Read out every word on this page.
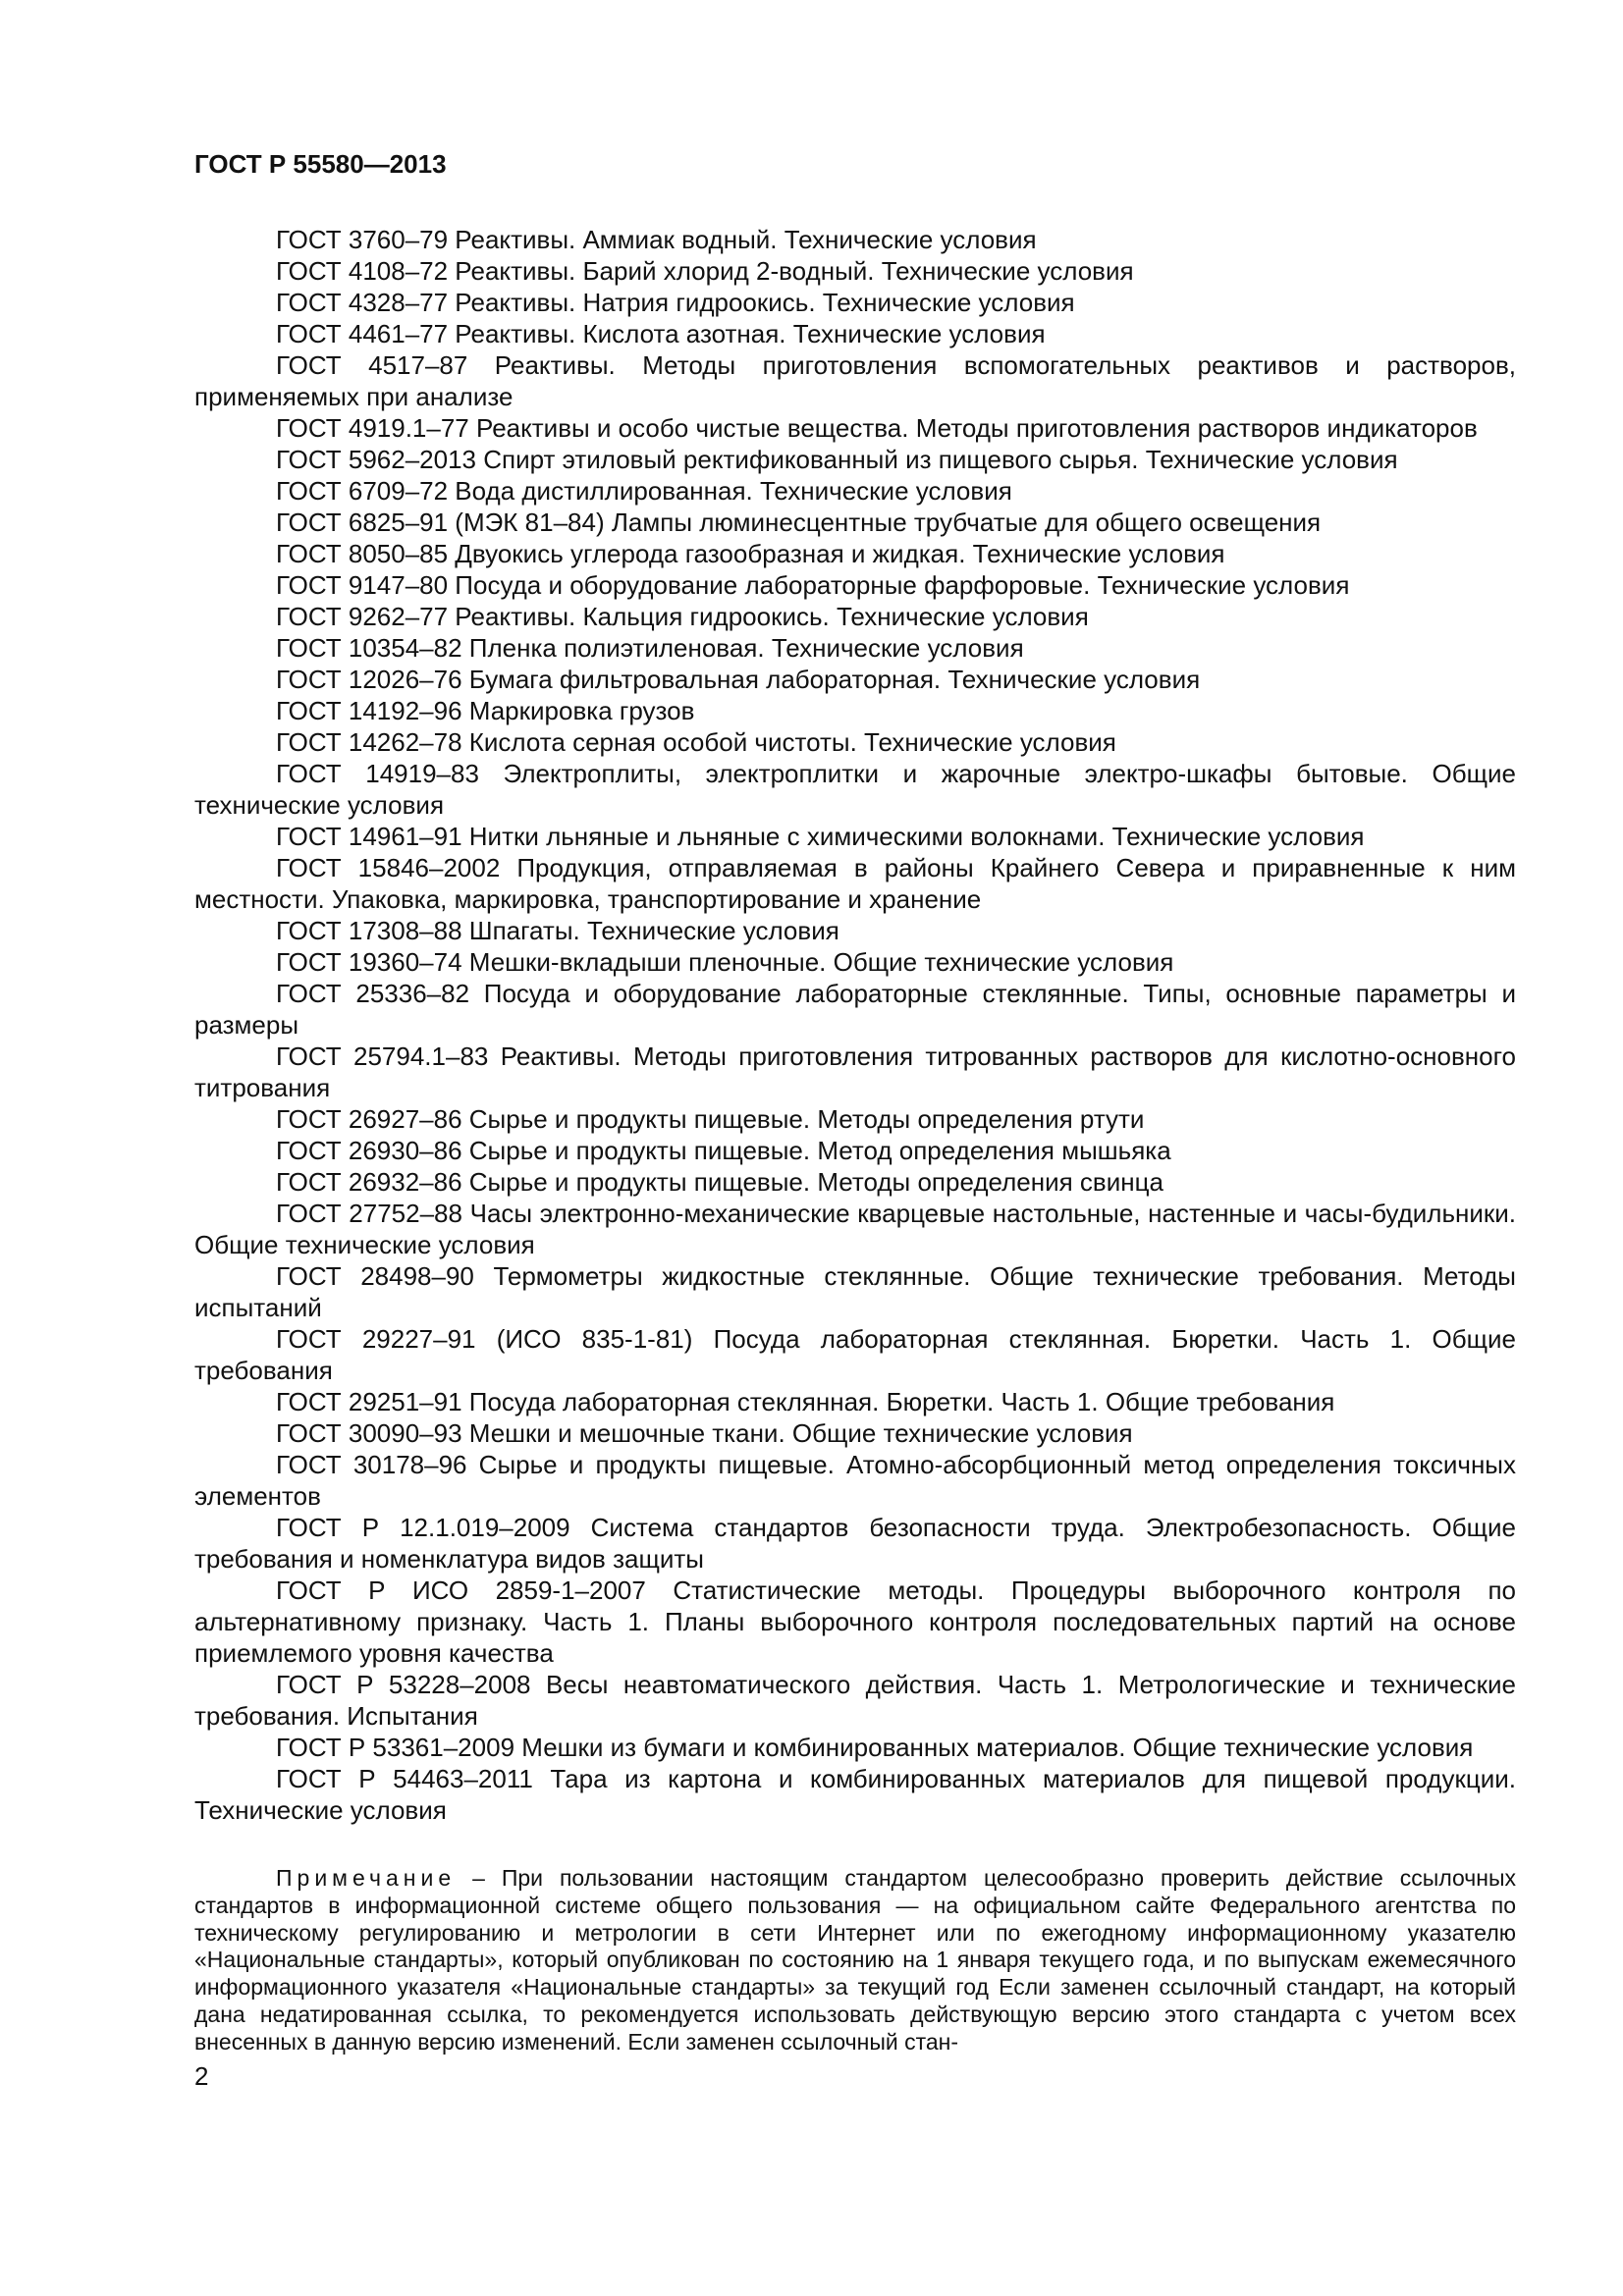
ГОСТ Р 55580—2013
ГОСТ 3760–79 Реактивы. Аммиак водный. Технические условия
ГОСТ 4108–72 Реактивы. Барий хлорид 2-водный. Технические условия
ГОСТ 4328–77 Реактивы. Натрия гидроокись. Технические условия
ГОСТ 4461–77 Реактивы. Кислота азотная. Технические условия
ГОСТ 4517–87 Реактивы. Методы приготовления вспомогательных реактивов и растворов, применяемых при анализе
ГОСТ 4919.1–77 Реактивы и особо чистые вещества. Методы приготовления растворов индикаторов
ГОСТ 5962–2013 Спирт этиловый ректификованный из пищевого сырья. Технические условия
ГОСТ 6709–72 Вода дистиллированная. Технические условия
ГОСТ 6825–91 (МЭК 81–84) Лампы люминесцентные трубчатые для общего освещения
ГОСТ 8050–85 Двуокись углерода газообразная и жидкая. Технические условия
ГОСТ 9147–80 Посуда и оборудование лабораторные фарфоровые. Технические условия
ГОСТ 9262–77 Реактивы. Кальция гидроокись. Технические условия
ГОСТ 10354–82 Пленка полиэтиленовая. Технические условия
ГОСТ 12026–76 Бумага фильтровальная лабораторная. Технические условия
ГОСТ 14192–96 Маркировка грузов
ГОСТ 14262–78 Кислота серная особой чистоты. Технические условия
ГОСТ 14919–83 Электроплиты, электроплитки и жарочные электро-шкафы бытовые. Общие технические условия
ГОСТ 14961–91 Нитки льняные и льняные с химическими волокнами. Технические условия
ГОСТ 15846–2002 Продукция, отправляемая в районы Крайнего Севера и приравненные к ним местности. Упаковка, маркировка, транспортирование и хранение
ГОСТ 17308–88 Шпагаты. Технические условия
ГОСТ 19360–74 Мешки-вкладыши пленочные. Общие технические условия
ГОСТ 25336–82 Посуда и оборудование лабораторные стеклянные. Типы, основные параметры и размеры
ГОСТ 25794.1–83 Реактивы. Методы приготовления титрованных растворов для кислотно-основного титрования
ГОСТ 26927–86 Сырье и продукты пищевые. Методы определения ртути
ГОСТ 26930–86 Сырье и продукты пищевые. Метод определения мышьяка
ГОСТ 26932–86 Сырье и продукты пищевые. Методы определения свинца
ГОСТ 27752–88 Часы электронно-механические кварцевые настольные, настенные и часы-будильники. Общие технические условия
ГОСТ 28498–90 Термометры жидкостные стеклянные. Общие технические требования. Методы испытаний
ГОСТ 29227–91 (ИСО 835-1-81) Посуда лабораторная стеклянная. Бюретки. Часть 1. Общие требования
ГОСТ 29251–91 Посуда лабораторная стеклянная. Бюретки. Часть 1. Общие требования
ГОСТ 30090–93 Мешки и мешочные ткани. Общие технические условия
ГОСТ 30178–96 Сырье и продукты пищевые. Атомно-абсорбционный метод определения токсичных элементов
ГОСТ Р 12.1.019–2009 Система стандартов безопасности труда. Электробезопасность. Общие требования и номенклатура видов защиты
ГОСТ Р ИСО 2859-1–2007 Статистические методы. Процедуры выборочного контроля по альтернативному признаку. Часть 1. Планы выборочного контроля последовательных партий на основе приемлемого уровня качества
ГОСТ Р 53228–2008 Весы неавтоматического действия. Часть 1. Метрологические и технические требования. Испытания
ГОСТ Р 53361–2009 Мешки из бумаги и комбинированных материалов. Общие технические условия
ГОСТ Р 54463–2011 Тара из картона и комбинированных материалов для пищевой продукции. Технические условия
Примечание – При пользовании настоящим стандартом целесообразно проверить действие ссылочных стандартов в информационной системе общего пользования — на официальном сайте Федерального агентства по техническому регулированию и метрологии в сети Интернет или по ежегодному информационному указателю «Национальные стандарты», который опубликован по состоянию на 1 января текущего года, и по выпускам ежемесячного информационного указателя «Национальные стандарты» за текущий год Если заменен ссылочный стандарт, на который дана недатированная ссылка, то рекомендуется использовать действующую версию этого стандарта с учетом всех внесенных в данную версию изменений. Если заменен ссылочный стан-
2
